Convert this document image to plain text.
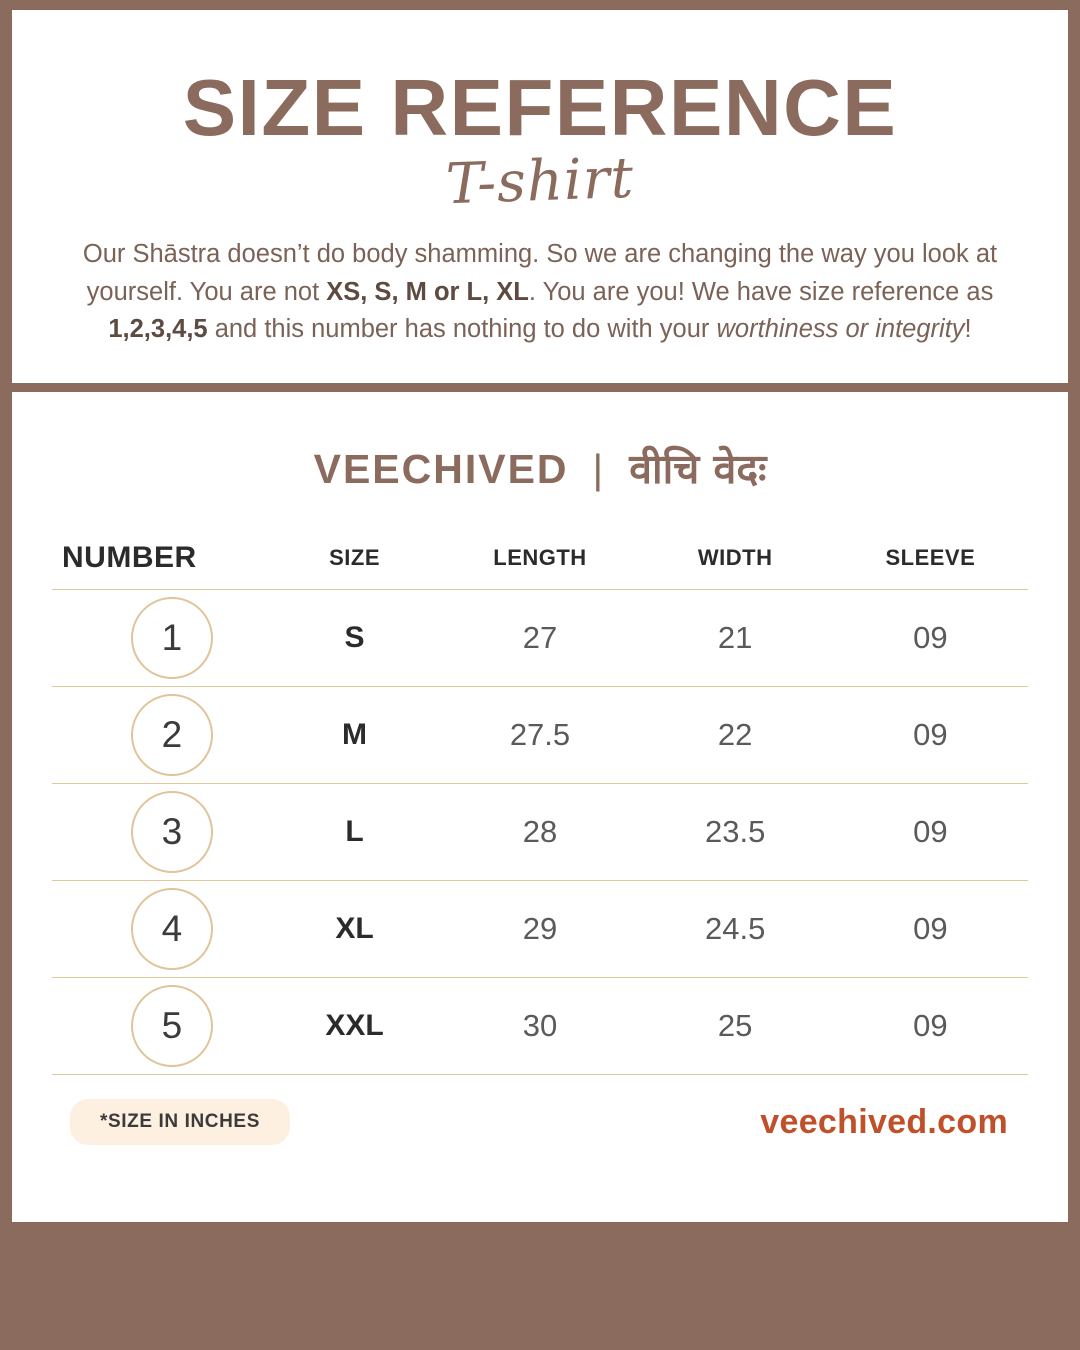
SIZE REFERENCE
T-shirt

Our Shāstra doesn’t do body shamming. So we are changing the way you look at yourself. You are not XS, S, M or L, XL. You are you! We have size reference as 1,2,3,4,5 and this number has nothing to do with your worthiness or integrity!

VEECHIVED | वीचि वेदः
NUMBER	SIZE	LENGTH	WIDTH	SLEEVE
1	S	27	21	09
2	M	27.5	22	09
3	L	28	23.5	09
4	XL	29	24.5	09
5	XXL	30	25	09
*SIZE IN INCHES	veechived.com
